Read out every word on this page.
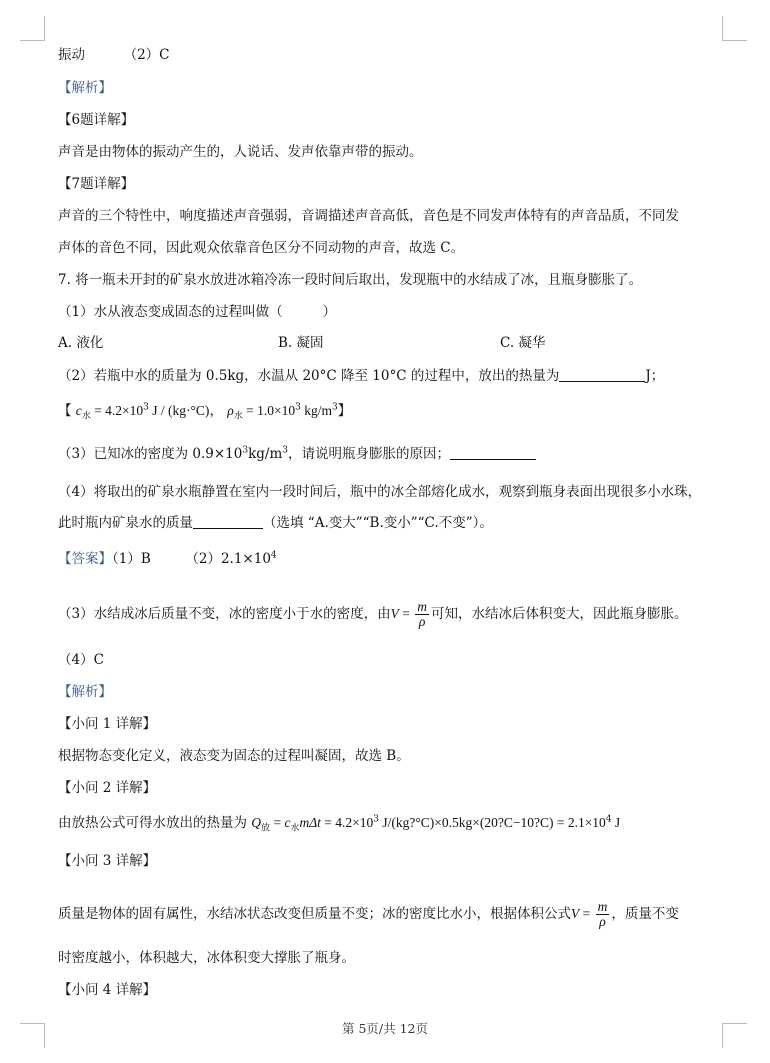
振动	（2）C
【解析】
【6题详解】
声音是由物体的振动产生的，人说话、发声依靠声带的振动。
【7题详解】
声音的三个特性中，响度描述声音强弱，音调描述声音高低，音色是不同发声体特有的声音品质，不同发
声体的音色不同，因此观众依靠音色区分不同动物的声音，故选 C。
7. 将一瓶未开封的矿泉水放进冰箱冷冻一段时间后取出，发现瓶中的水结成了冰，且瓶身膨胀了。
（1）水从液态变成固态的过程叫做（	）
A. 液化	B. 凝固	C. 凝华
（2）若瓶中水的质量为 0.5kg，水温从 20°C 降至 10°C 的过程中，放出的热量为	J；
【 $c_水 = 4.2\times 10^3$ J / (kg·°C)， $\rho_水 = 1.0\times 10^3$ $kg/m^3$】
（3）已知冰的密度为 $0.9\times 10^3kg/m^3$，请说明瓶身膨胀的原因；
（4）将取出的矿泉水瓶静置在室内一段时间后，瓶中的冰全部熔化成水，观察到瓶身表面出现很多小水珠，
此时瓶内矿泉水的质量	（选填 “A.变大”“B.变小”“C.不变”）。
【答案】（1）B	$(2)2.1\times 10^4$
（3）水结成冰后质量不变，冰的密度小于水的密度，由$V = \frac{m}{\rho}$ 可知，水结冰后体积变大，因此瓶身膨胀。
（4）C
【解析】
【小问 1 详解】
根据物态变化定义，液态变为固态的过程叫凝固，故选 B。
【小问 2 详解】
由放热公式可得水放出的热量为 $Q_放 = c_水m\Delta t = 4.2\times 10^3$ J/(kg?°C)×0.5kg×(20?C−10?C) = $2.1\times 10^4$ J
【小问 3 详解】
质量是物体的固有属性，水结冰状态改变但质量不变；冰的密度比水小，根据体积公式$V = \frac{m}{\rho}$ ，质量不变
时密度越小，体积越大，冰体积变大撑胀了瓶身。
【小问 4 详解】
第 5页/共 12页
